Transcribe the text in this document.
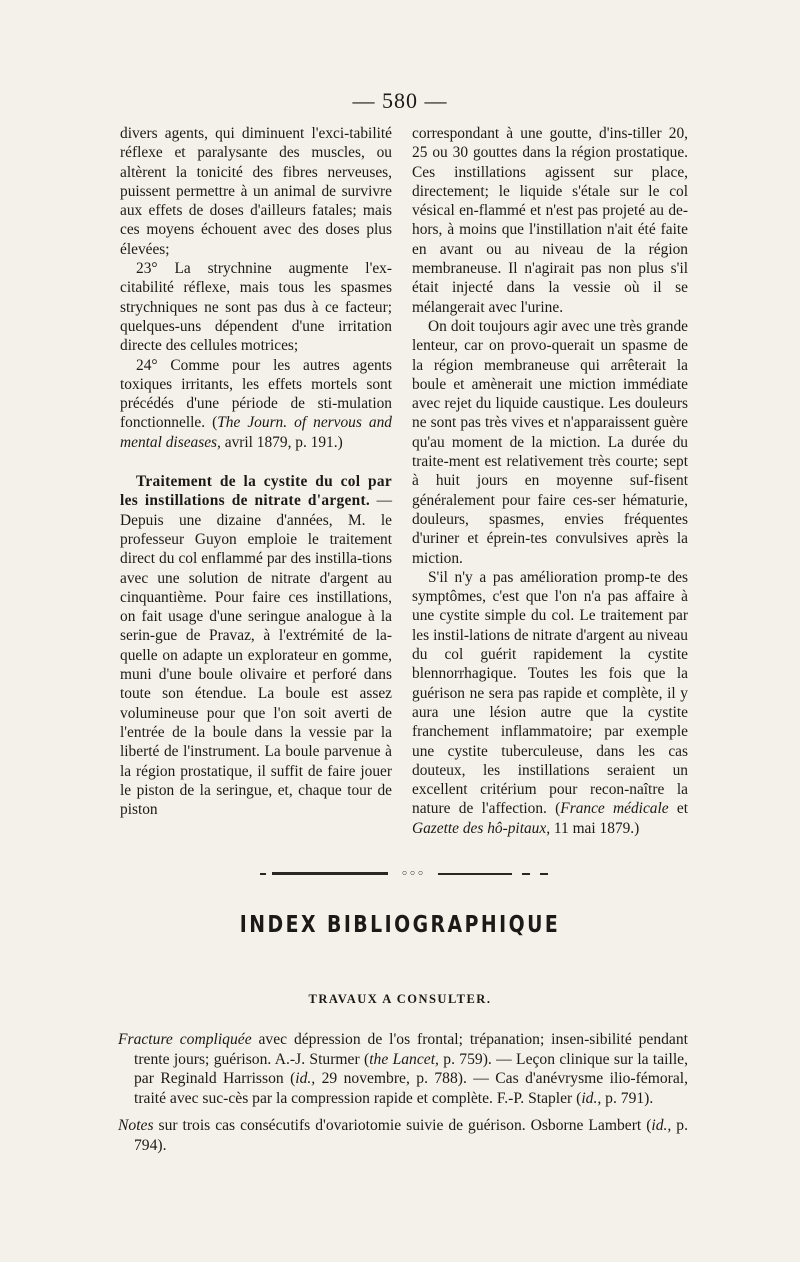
— 580 —

divers agents, qui diminuent l'exci-tabilité réflexe et paralysante des muscles, ou altèrent la tonicité des fibres nerveuses, puissent permettre à un animal de survivre aux effets de doses d'ailleurs fatales; mais ces moyens échouent avec des doses plus élevées;

23° La strychnine augmente l'ex-citabilité réflexe, mais tous les spasmes strychniques ne sont pas dus à ce facteur; quelques-uns dépendent d'une irritation directe des cellules motrices;

24° Comme pour les autres agents toxiques irritants, les effets mortels sont précédés d'une période de sti-mulation fonctionnelle. (The Journ. of nervous and mental diseases, avril 1879, p. 191.)

Traitement de la cystite du col par les instillations de nitrate d'argent. — Depuis une dizaine d'années, M. le professeur Guyon emploie le traitement direct du col enflammé par des instilla-tions avec une solution de nitrate d'argent au cinquantième. Pour faire ces instillations, on fait usage d'une seringue analogue à la serin-gue de Pravaz, à l'extrémité de la-quelle on adapte un explorateur en gomme, muni d'une boule olivaire et perforé dans toute son étendue. La boule est assez volumineuse pour que l'on soit averti de l'entrée de la boule dans la vessie par la liberté de l'instrument. La boule parvenue à la région prostatique, il suffit de faire jouer le piston de la seringue, et, chaque tour de piston

correspondant à une goutte, d'ins-tiller 20, 25 ou 30 gouttes dans la région prostatique. Ces instillations agissent sur place, directement; le liquide s'étale sur le col vésical en-flammé et n'est pas projeté au de-hors, à moins que l'instillation n'ait été faite en avant ou au niveau de la région membraneuse. Il n'agirait pas non plus s'il était injecté dans la vessie où il se mélangerait avec l'urine.

On doit toujours agir avec une très grande lenteur, car on provo-querait un spasme de la région membraneuse qui arrêterait la boule et amènerait une miction immédiate avec rejet du liquide caustique. Les douleurs ne sont pas très vives et n'apparaissent guère qu'au moment de la miction. La durée du traite-ment est relativement très courte; sept à huit jours en moyenne suf-fisent généralement pour faire ces-ser hématurie, douleurs, spasmes, envies fréquentes d'uriner et éprein-tes convulsives après la miction.

S'il n'y a pas amélioration promp-te des symptômes, c'est que l'on n'a pas affaire à une cystite simple du col. Le traitement par les instil-lations de nitrate d'argent au niveau du col guérit rapidement la cystite blennorrhagique. Toutes les fois que la guérison ne sera pas rapide et complète, il y aura une lésion autre que la cystite franchement inflammatoire; par exemple une cystite tuberculeuse, dans les cas douteux, les instillations seraient un excellent critérium pour recon-naître la nature de l'affection. (France médicale et Gazette des hô-pitaux, 11 mai 1879.)

◦◦◦
INDEX BIBLIOGRAPHIQUE
TRAVAUX A CONSULTER.

Fracture compliquée avec dépression de l'os frontal; trépanation; insen-sibilité pendant trente jours; guérison. A.-J. Sturmer (the Lancet, p. 759). — Leçon clinique sur la taille, par Reginald Harrisson (id., 29 novembre, p. 788). — Cas d'anévrysme ilio-fémoral, traité avec suc-cès par la compression rapide et complète. F.-P. Stapler (id., p. 791).

Notes sur trois cas consécutifs d'ovariotomie suivie de guérison. Osborne Lambert (id., p. 794).
